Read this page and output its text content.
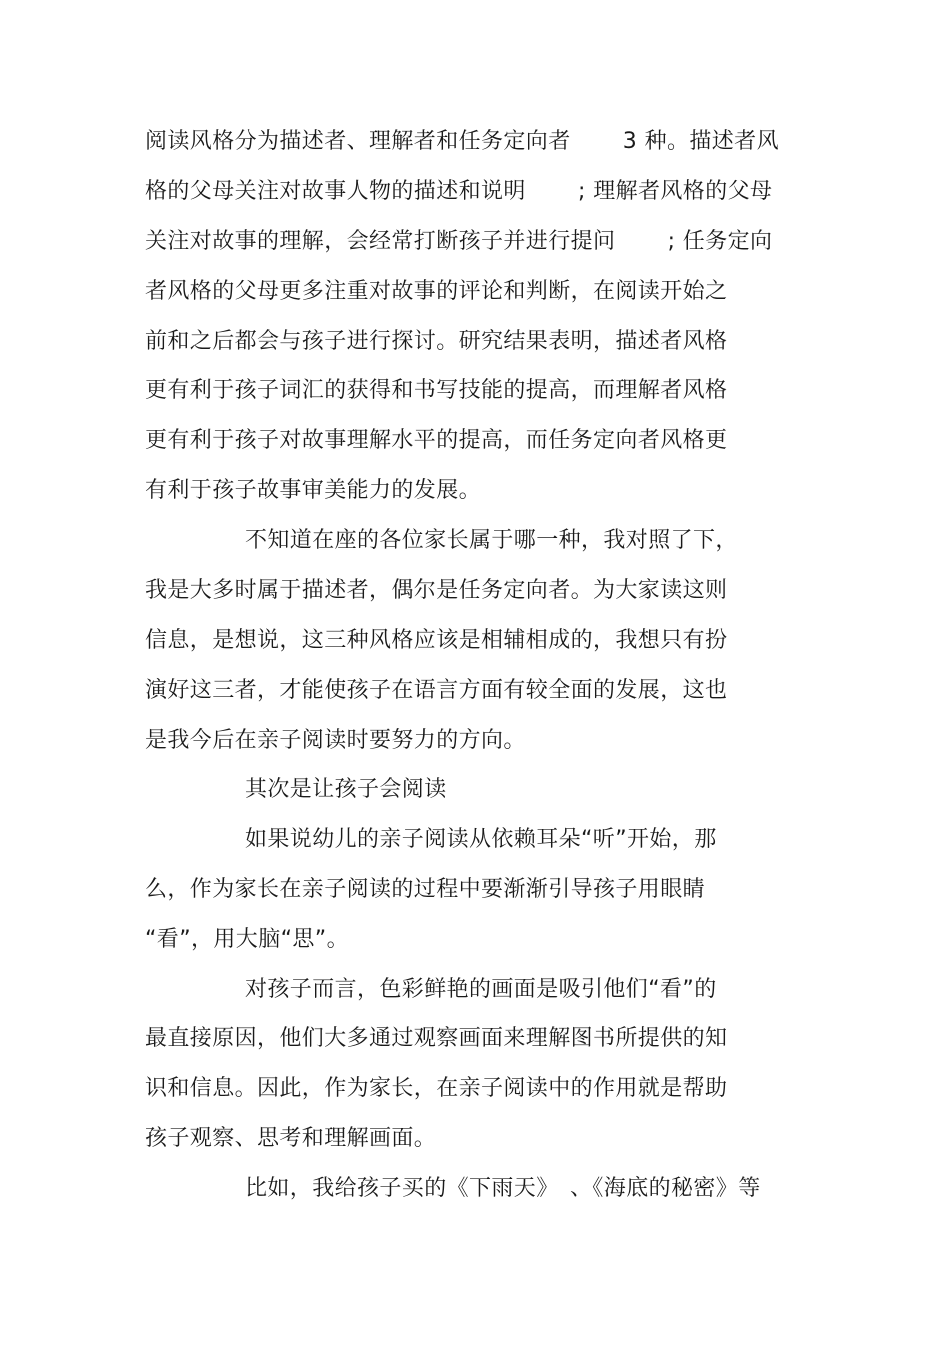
阅读风格分为描述者、理解者和任务定向者　　 3 种。描述者风
格的父母关注对故事人物的描述和说明　　 ; 理解者风格的父母
关注对故事的理解，会经常打断孩子并进行提问　　 ; 任务定向
者风格的父母更多注重对故事的评论和判断，在阅读开始之
前和之后都会与孩子进行探讨。研究结果表明，描述者风格
更有利于孩子词汇的获得和书写技能的提高，而理解者风格
更有利于孩子对故事理解水平的提高，而任务定向者风格更
有利于孩子故事审美能力的发展。
不知道在座的各位家长属于哪一种，我对照了下，
我是大多时属于描述者，偶尔是任务定向者。为大家读这则
信息，是想说，这三种风格应该是相辅相成的，我想只有扮
演好这三者，才能使孩子在语言方面有较全面的发展，这也
是我今后在亲子阅读时要努力的方向。
其次是让孩子会阅读
如果说幼儿的亲子阅读从依赖耳朵“听”开始，那
么，作为家长在亲子阅读的过程中要渐渐引导孩子用眼睛
“看”，用大脑“思”。
对孩子而言，色彩鲜艳的画面是吸引他们“看”的
最直接原因，他们大多通过观察画面来理解图书所提供的知
识和信息。因此，作为家长，在亲子阅读中的作用就是帮助
孩子观察、思考和理解画面。
比如，我给孩子买的《下雨天》　、《海底的秘密》等
